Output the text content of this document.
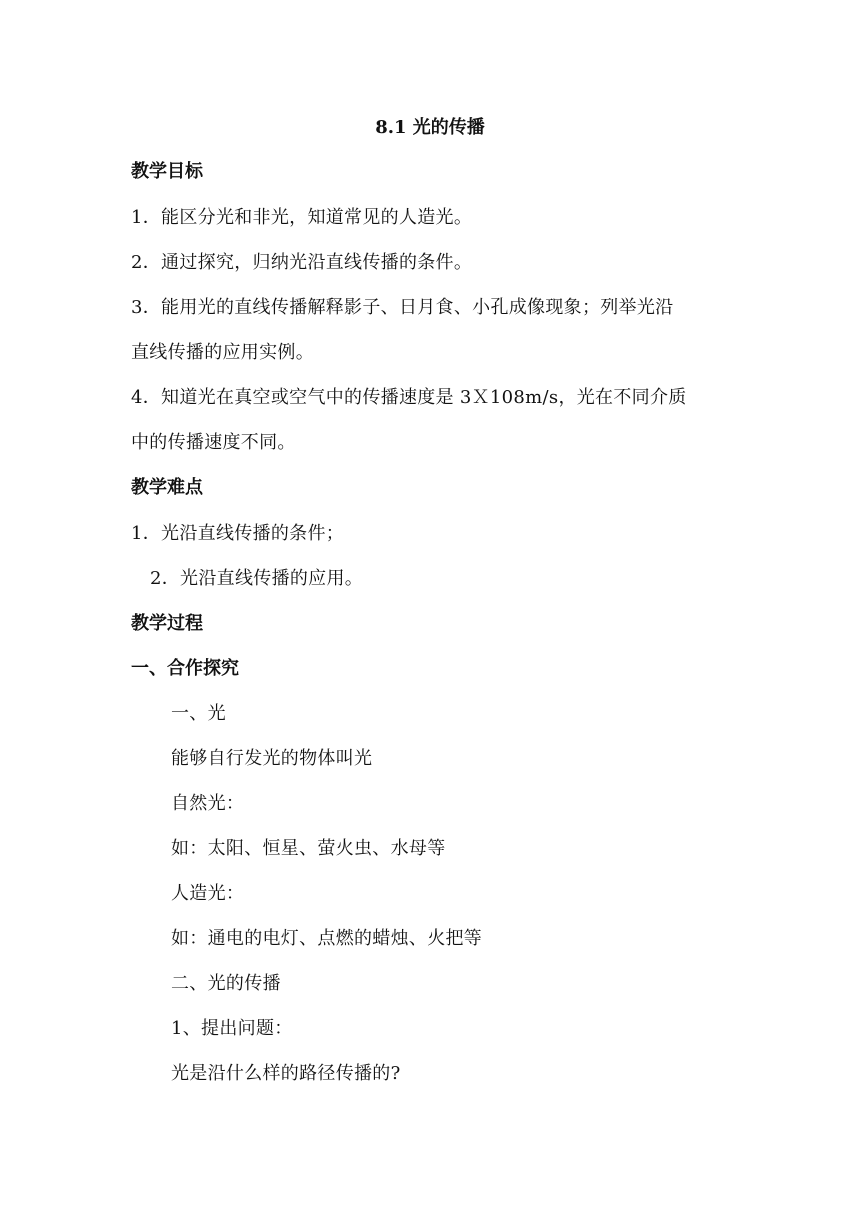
8.1 光的传播
教学目标
1．能区分光和非光，知道常见的人造光。
2．通过探究，归纳光沿直线传播的条件。
3．能用光的直线传播解释影子、日月食、小孔成像现象；列举光沿
直线传播的应用实例。
4．知道光在真空或空气中的传播速度是 3Ｘ108m/s，光在不同介质
中的传播速度不同。
教学难点
1．光沿直线传播的条件；
2．光沿直线传播的应用。
教学过程
一、合作探究
一、光
能够自行发光的物体叫光
自然光：
如：太阳、恒星、萤火虫、水母等
人造光：
如：通电的电灯、点燃的蜡烛、火把等
二、光的传播
1、提出问题：
光是沿什么样的路径传播的?
